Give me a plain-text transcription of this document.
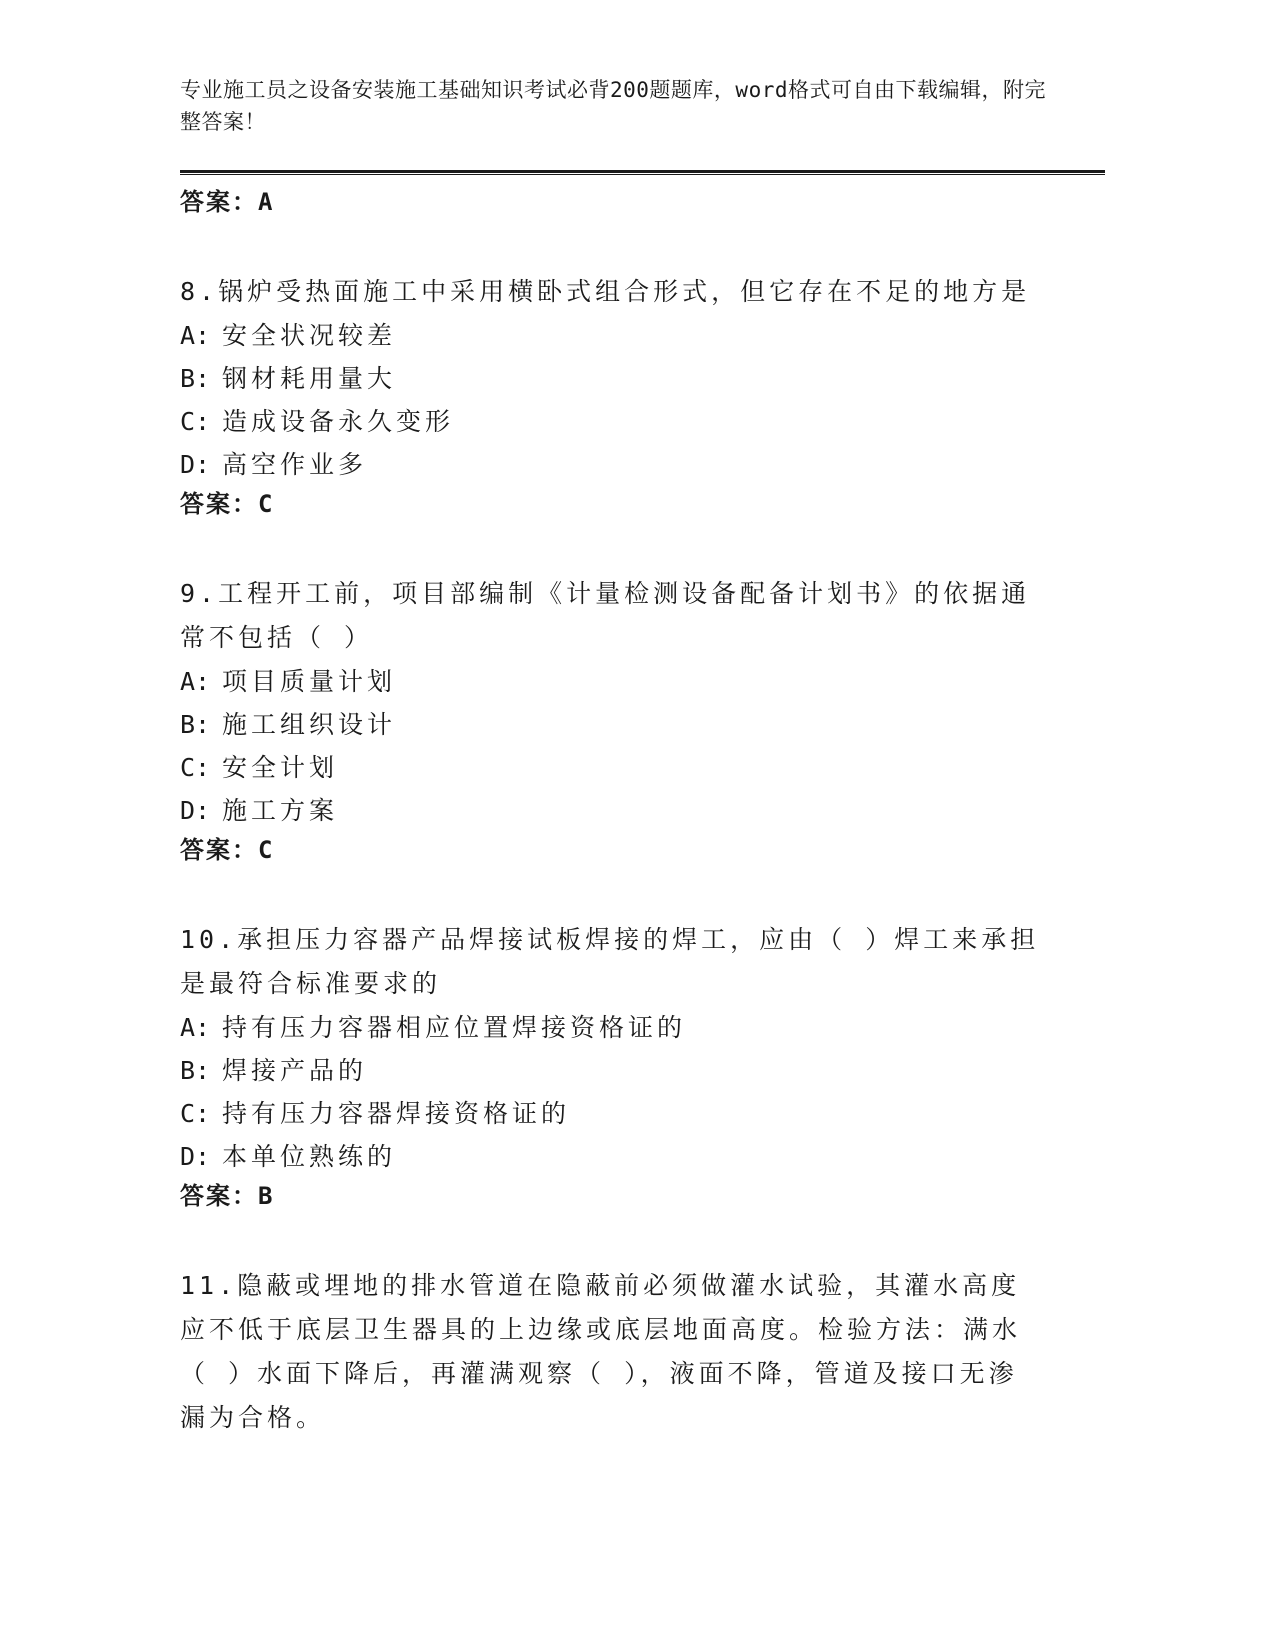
专业施工员之设备安装施工基础知识考试必背200题题库，word格式可自由下载编辑，附完整答案！
答案：A
8.锅炉受热面施工中采用横卧式组合形式，但它存在不足的地方是
A: 安全状况较差
B: 钢材耗用量大
C: 造成设备永久变形
D: 高空作业多
答案：C
9.工程开工前，项目部编制《计量检测设备配备计划书》的依据通常不包括（ ）
A: 项目质量计划
B: 施工组织设计
C: 安全计划
D: 施工方案
答案：C
10.承担压力容器产品焊接试板焊接的焊工，应由（ ）焊工来承担是最符合标准要求的
A: 持有压力容器相应位置焊接资格证的
B: 焊接产品的
C: 持有压力容器焊接资格证的
D: 本单位熟练的
答案：B
11.隐蔽或埋地的排水管道在隐蔽前必须做灌水试验，其灌水高度应不低于底层卫生器具的上边缘或底层地面高度。检验方法：满水（ ）水面下降后，再灌满观察（ ），液面不降，管道及接口无渗漏为合格。
